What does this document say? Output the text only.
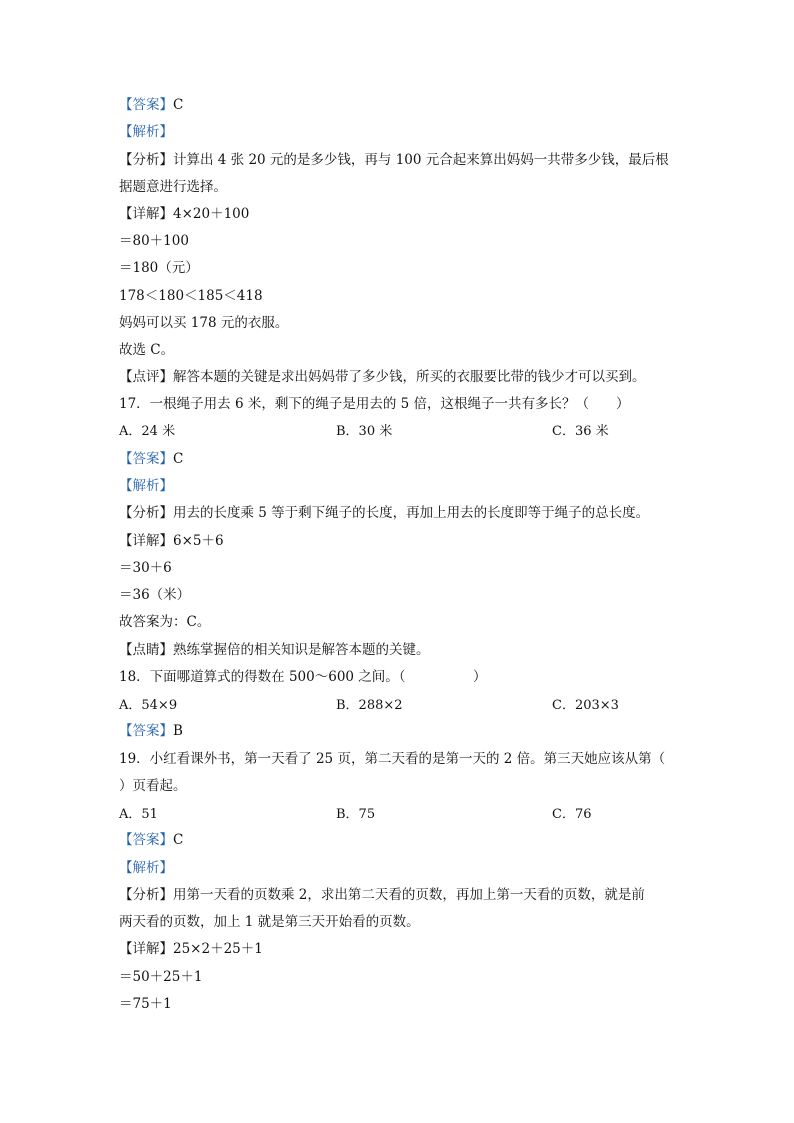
【答案】C
【解析】
【分析】计算出 4 张 20 元的是多少钱，再与 100 元合起来算出妈妈一共带多少钱，最后根
据题意进行选择。
【详解】4×20＋100
＝80＋100
＝180（元）
178＜180＜185＜418
妈妈可以买 178 元的衣服。
故选 C。
【点评】解答本题的关键是求出妈妈带了多少钱，所买的衣服要比带的钱少才可以买到。
17．一根绳子用去 6 米，剩下的绳子是用去的 5 倍，这根绳子一共有多长？（　　）
A．24 米	B．30 米	C．36 米
【答案】C
【解析】
【分析】用去的长度乘 5 等于剩下绳子的长度，再加上用去的长度即等于绳子的总长度。
【详解】6×5＋6
＝30＋6
＝36（米）
故答案为：C。
【点睛】熟练掌握倍的相关知识是解答本题的关键。
18．下面哪道算式的得数在 500～600 之间。（　　　　　）
A．54×9	B．288×2	C．203×3
【答案】B
19．小红看课外书，第一天看了 25 页，第二天看的是第一天的 2 倍。第三天她应该从第（
）页看起。
A．51	B．75	C．76
【答案】C
【解析】
【分析】用第一天看的页数乘 2，求出第二天看的页数，再加上第一天看的页数，就是前
两天看的页数，加上 1 就是第三天开始看的页数。
【详解】25×2＋25＋1
＝50＋25＋1
＝75＋1
